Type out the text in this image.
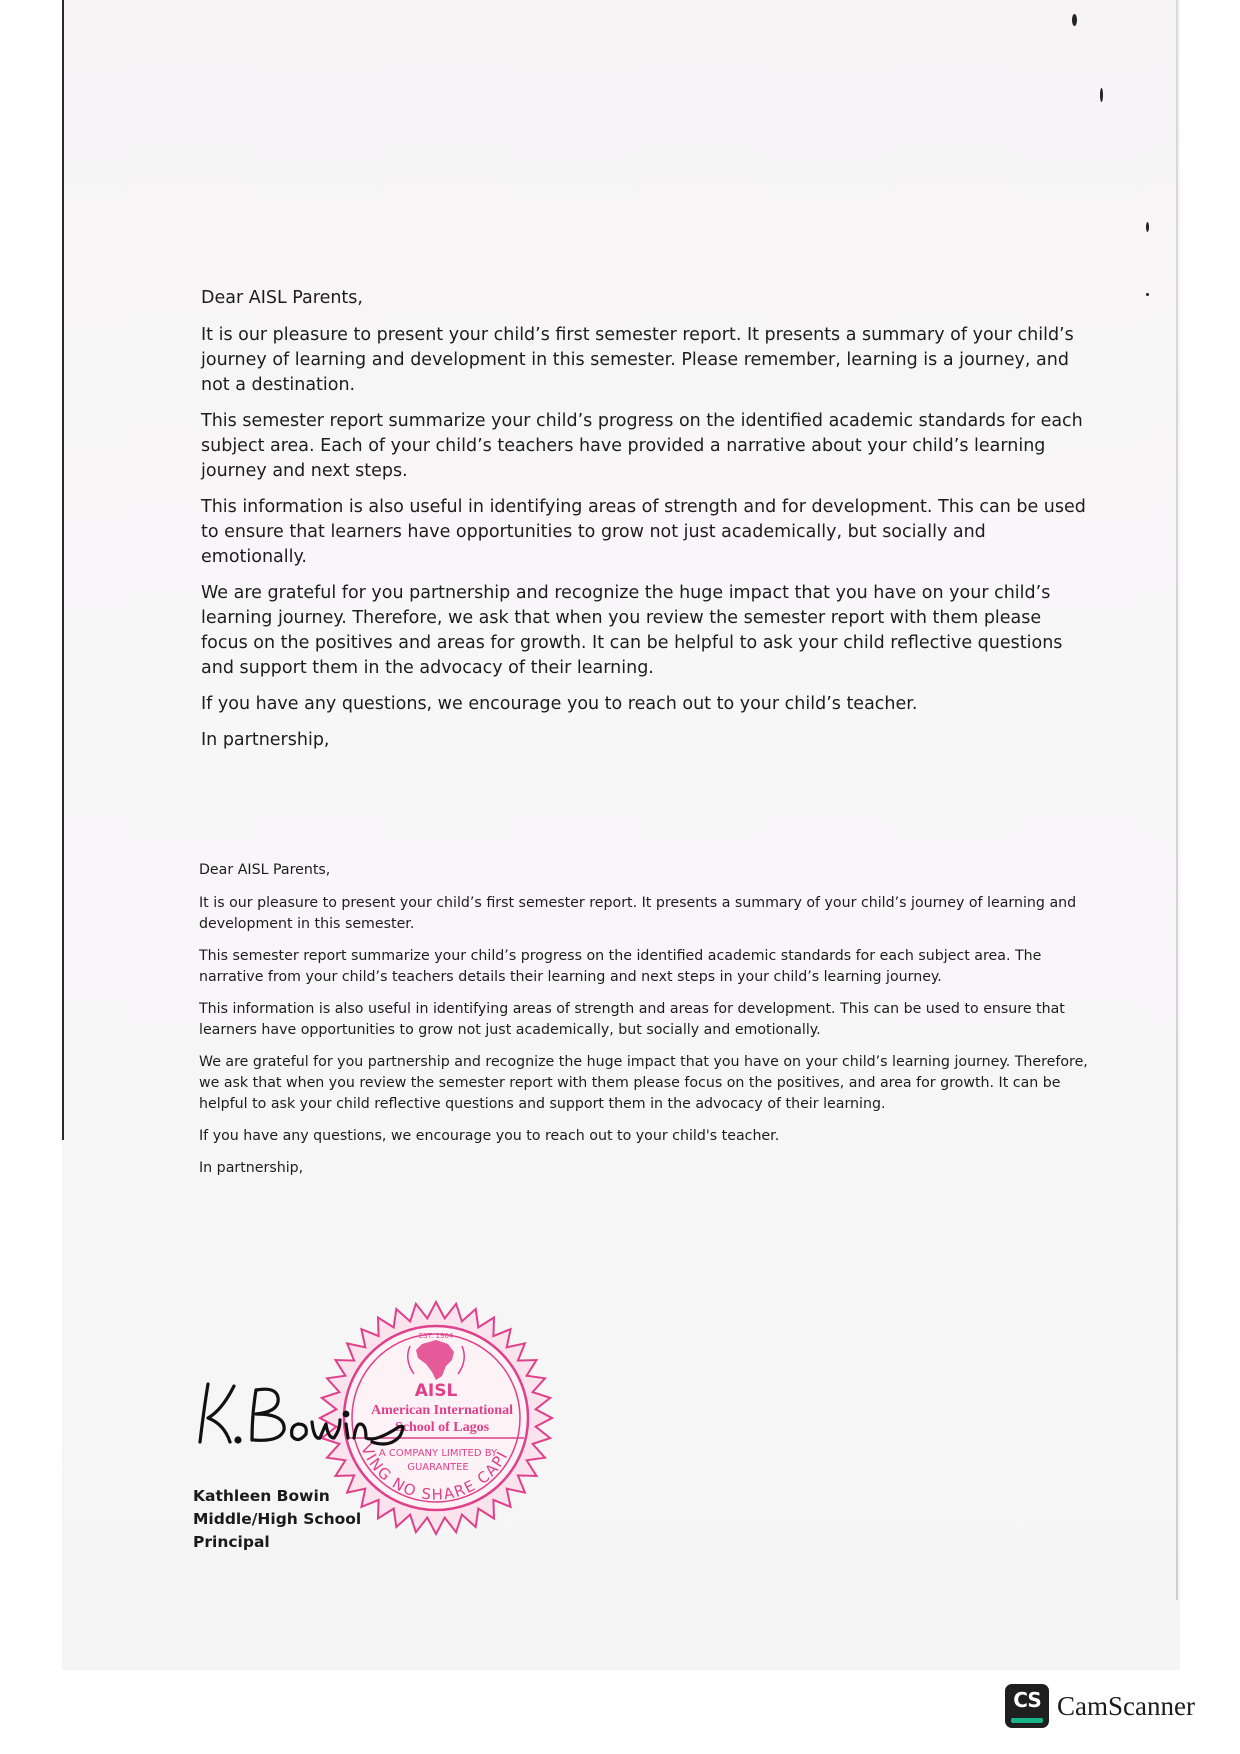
Dear AISL Parents,

It is our pleasure to present your child’s first semester report. It presents a summary of your child’s journey of learning and development in this semester. Please remember, learning is a journey, and not a destination.

This semester report summarize your child’s progress on the identified academic standards for each subject area. Each of your child’s teachers have provided a narrative about your child’s learning journey and next steps.

This information is also useful in identifying areas of strength and for development. This can be used to ensure that learners have opportunities to grow not just academically, but socially and emotionally.

We are grateful for you partnership and recognize the huge impact that you have on your child’s learning journey. Therefore, we ask that when you review the semester report with them please focus on the positives and areas for growth. It can be helpful to ask your child reflective questions and support them in the advocacy of their learning.

If you have any questions, we encourage you to reach out to your child’s teacher.

In partnership,

Dear AISL Parents,

It is our pleasure to present your child’s first semester report. It presents a summary of your child’s journey of learning and development in this semester.

This semester report summarize your child’s progress on the identified academic standards for each subject area. The narrative from your child’s teachers details their learning and next steps in your child’s learning journey.

This information is also useful in identifying areas of strength and areas for development. This can be used to ensure that learners have opportunities to grow not just academically, but socially and emotionally.

We are grateful for you partnership and recognize the huge impact that you have on your child’s learning journey. Therefore, we ask that when you review the semester report with them please focus on the positives, and area for growth. It can be helpful to ask your child reflective questions and support them in the advocacy of their learning.

If you have any questions, we encourage you to reach out to your child's teacher.

In partnership,

VING NO SHARE CAPI
EST. 1964
AISL
American International
School of Lagos
A COMPANY LIMITED BY
GUARANTEE
Kathleen Bowin
Middle/High School
Principal
CS CamScanner
